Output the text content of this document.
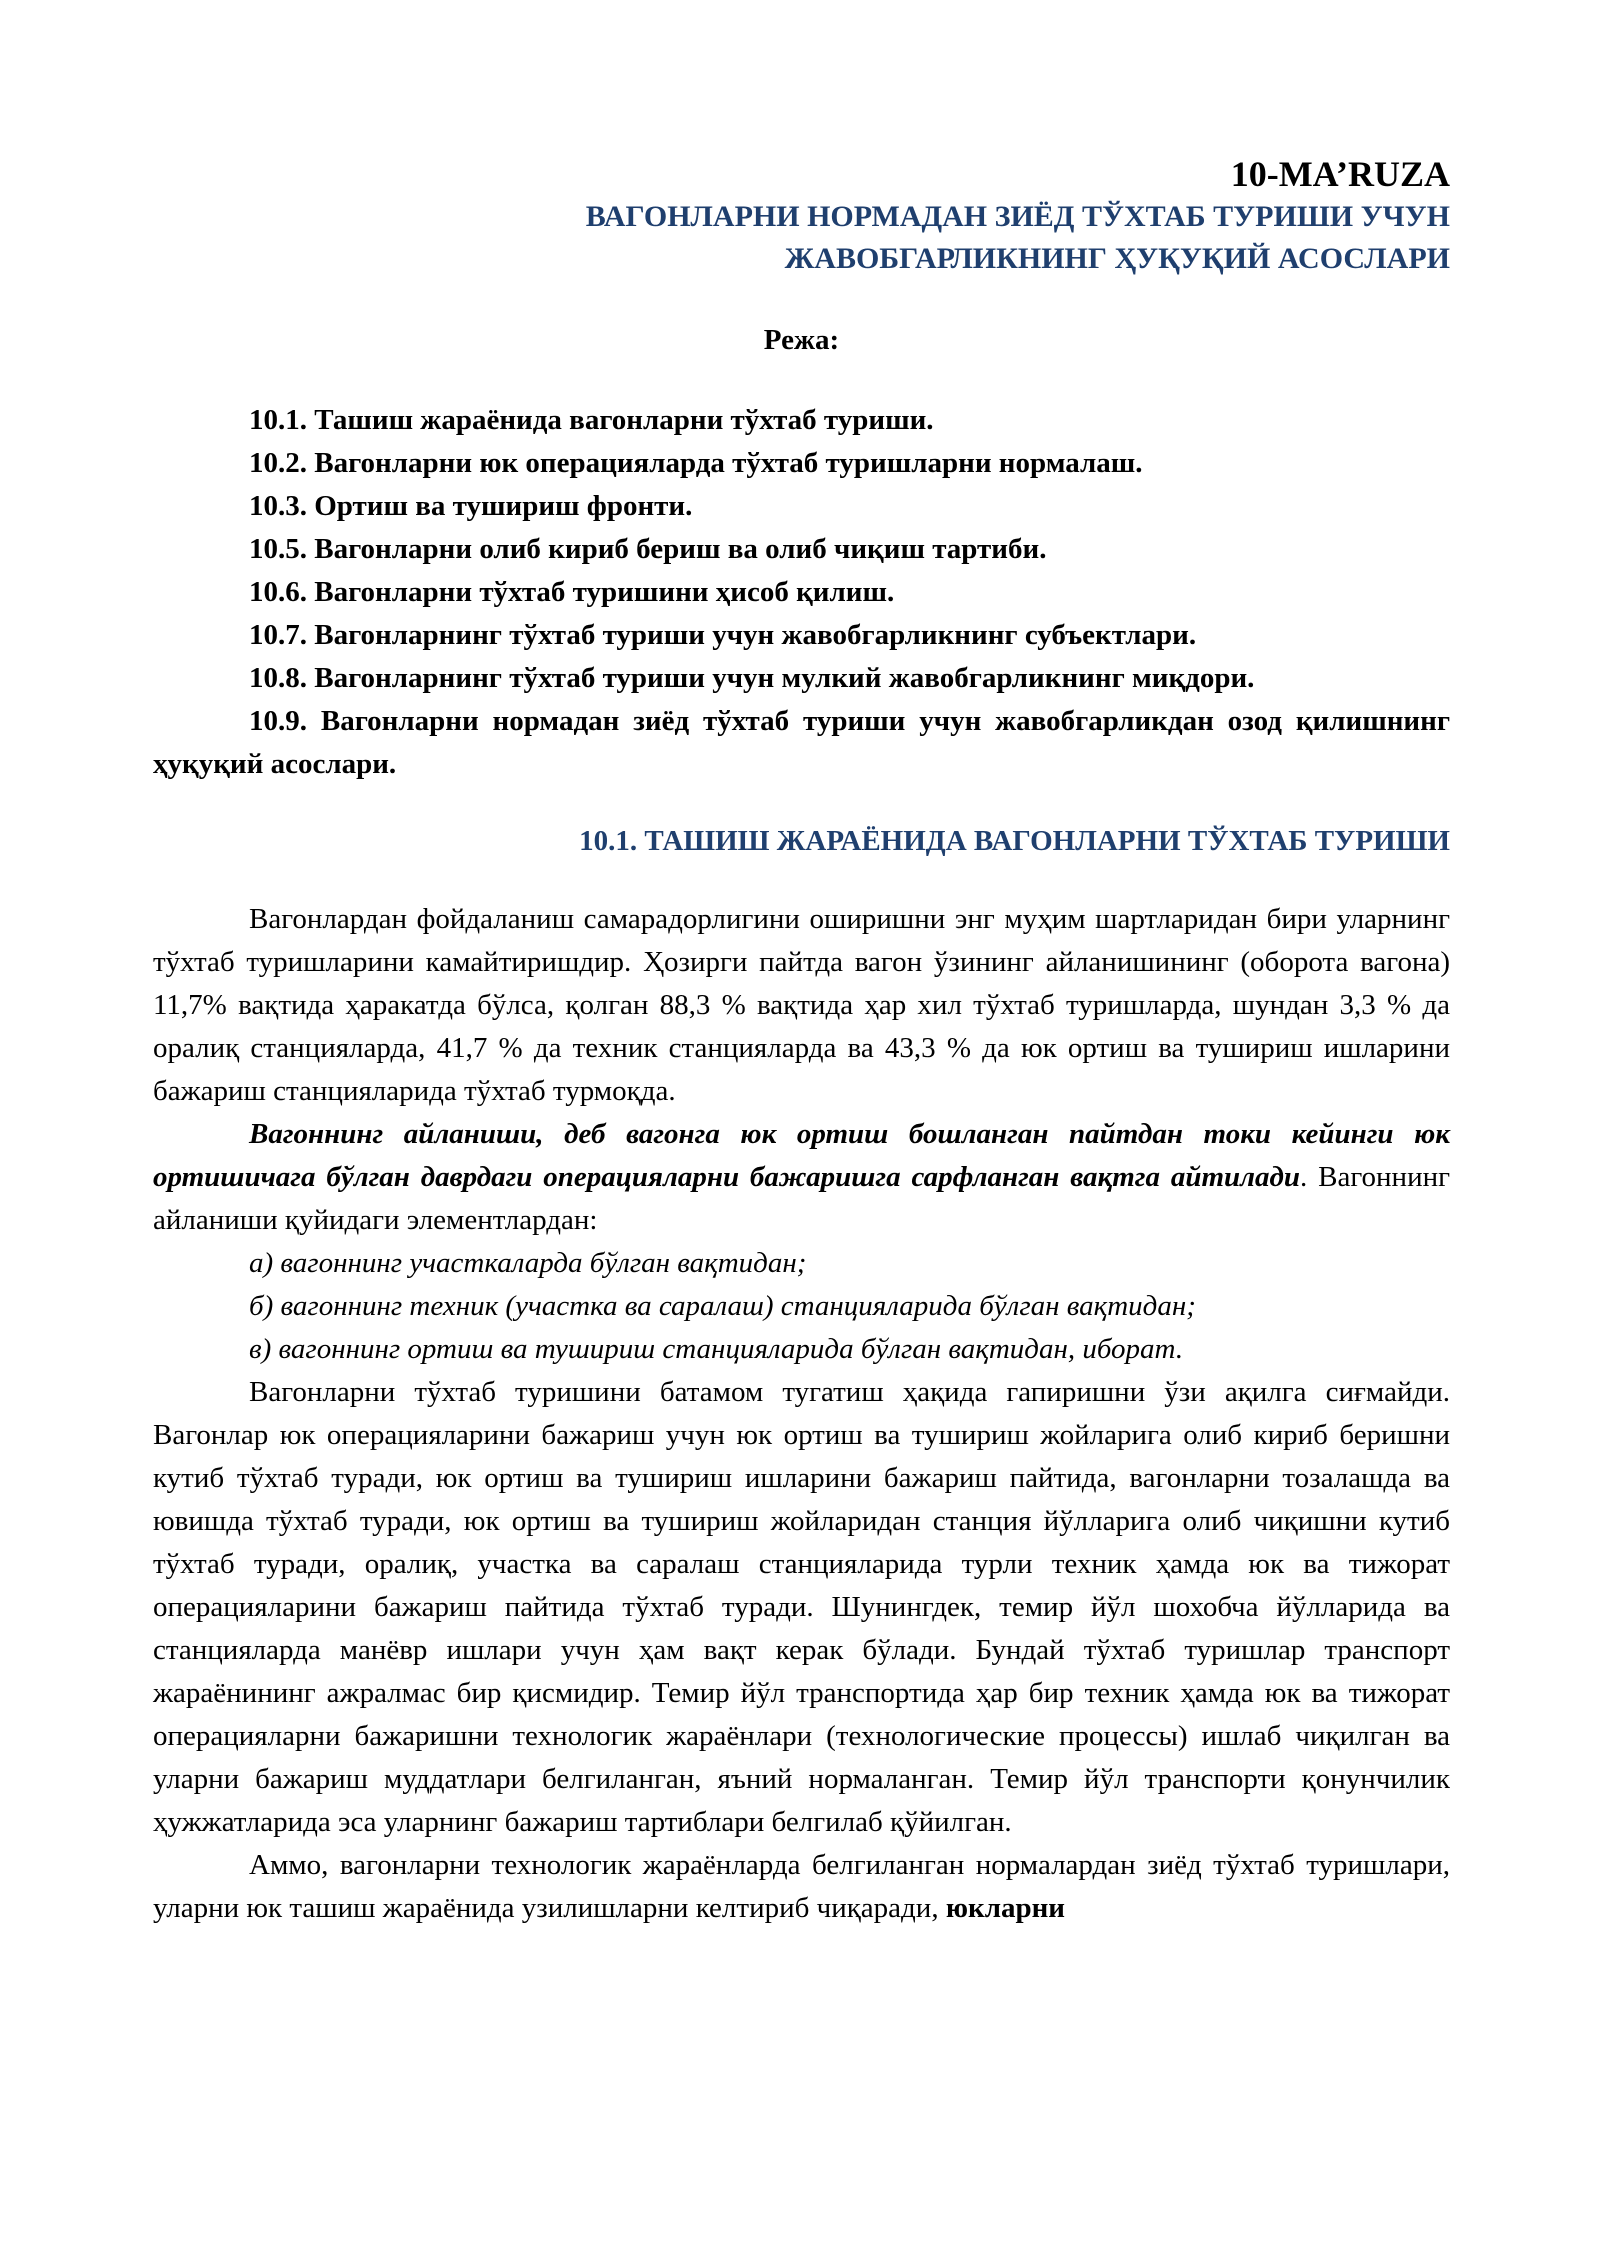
10-MA’RUZA
ВАГОНЛАРНИ НОРМАДАН ЗИЁД ТЎХТАБ ТУРИШИ УЧУН
ЖАВОБГАРЛИКНИНГ ҲУҚУҚИЙ АСОСЛАРИ
Режа:
10.1. Ташиш жараёнида вагонларни тўхтаб туриши.
10.2. Вагонларни юк операцияларда тўхтаб туришларни нормалаш.
10.3. Ортиш ва тушириш фронти.
10.5. Вагонларни олиб кириб бериш ва олиб чиқиш тартиби.
10.6. Вагонларни тўхтаб туришини ҳисоб қилиш.
10.7. Вагонларнинг тўхтаб туриши учун жавобгарликнинг субъектлари.
10.8. Вагонларнинг тўхтаб туриши учун мулкий жавобгарликнинг миқдори.
10.9. Вагонларни нормадан зиёд тўхтаб туриши учун жавобгарликдан озод қилишнинг ҳуқуқий асослари.
10.1. ТАШИШ ЖАРАЁНИДА ВАГОНЛАРНИ ТЎХТАБ ТУРИШИ

Вагонлардан фойдаланиш самарадорлигини оширишни энг муҳим шартларидан бири уларнинг тўхтаб туришларини камайтиришдир. Ҳозирги пайтда вагон ўзининг айланишининг (оборота вагона) 11,7% вақтида ҳаракатда бўлса, қолган 88,3 % вақтида ҳар хил тўхтаб туришларда, шундан 3,3 % да оралиқ станцияларда, 41,7 % да техник станцияларда ва 43,3 % да юк ортиш ва тушириш ишларини бажариш станцияларида тўхтаб турмоқда.

Вагоннинг айланиши, деб вагонга юк ортиш бошланган пайтдан токи кейинги юк ортишичага бўлган даврдаги операцияларни бажаришга сарфланган вақтга айтилади. Вагоннинг айланиши қуйидаги элементлардан:

а) вагоннинг участкаларда бўлган вақтидан;

б) вагоннинг техник (участка ва саралаш) станцияларида бўлган вақтидан;

в) вагоннинг ортиш ва тушириш станцияларида бўлган вақтидан, иборат.

Вагонларни тўхтаб туришини батамом тугатиш ҳақида гапиришни ўзи ақилга сиғмайди. Вагонлар юк операцияларини бажариш учун юк ортиш ва тушириш жойларига олиб кириб беришни кутиб тўхтаб туради, юк ортиш ва тушириш ишларини бажариш пайтида, вагонларни тозалашда ва ювишда тўхтаб туради, юк ортиш ва тушириш жойларидан станция йўлларига олиб чиқишни кутиб тўхтаб туради, оралиқ, участка ва саралаш станцияларида турли техник ҳамда юк ва тижорат операцияларини бажариш пайтида тўхтаб туради. Шунингдек, темир йўл шохобча йўлларида ва станцияларда манёвр ишлари учун ҳам вақт керак бўлади. Бундай тўхтаб туришлар транспорт жараёнининг ажралмас бир қисмидир. Темир йўл транспортида ҳар бир техник ҳамда юк ва тижорат операцияларни бажаришни технологик жараёнлари (технологические процессы) ишлаб чиқилган ва уларни бажариш муддатлари белгиланган, яъний нормаланган. Темир йўл транспорти қонунчилик ҳужжатларида эса уларнинг бажариш тартиблари белгилаб қўйилган.

Аммо, вагонларни технологик жараёнларда белгиланган нормалардан зиёд тўхтаб туришлари, уларни юк ташиш жараёнида узилишларни келтириб чиқаради, юкларни
